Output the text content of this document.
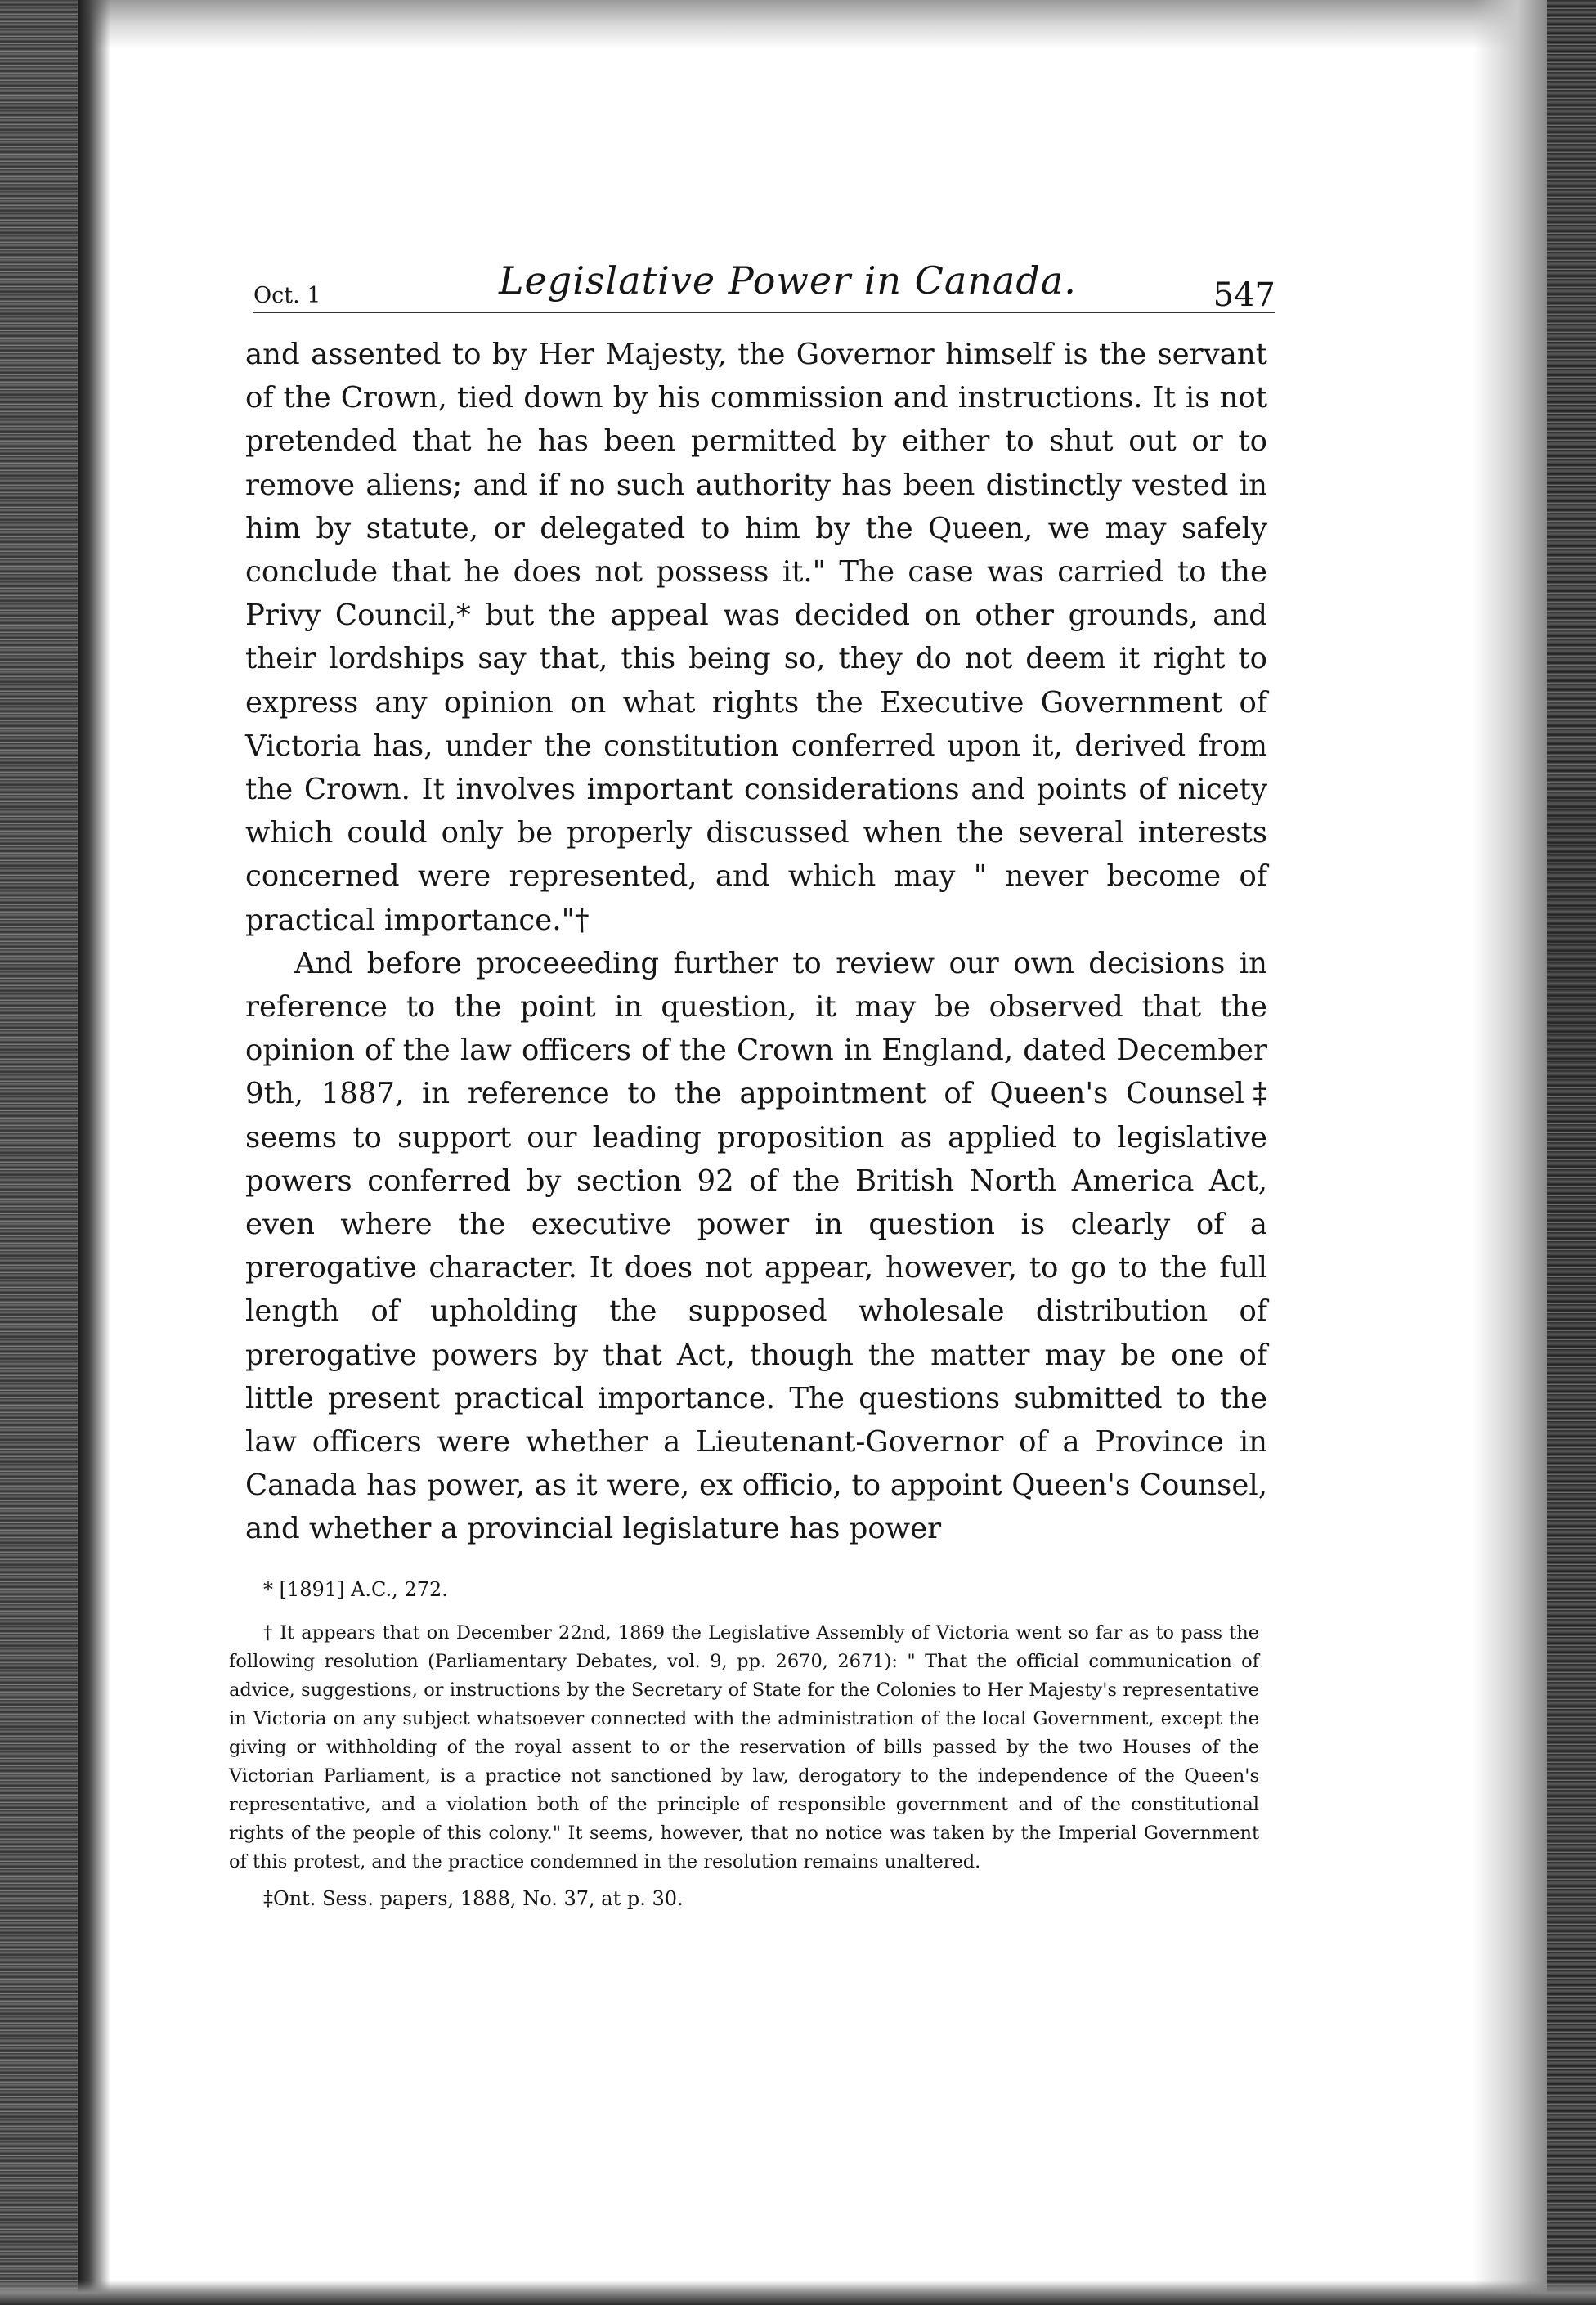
Oct. 1	Legislative Power in Canada.	547

and assented to by Her Majesty, the Governor himself is the servant of the Crown, tied down by his commission and instructions. It is not pretended that he has been permitted by either to shut out or to remove aliens; and if no such authority has been distinctly vested in him by statute, or delegated to him by the Queen, we may safely conclude that he does not possess it." The case was carried to the Privy Council,* but the appeal was decided on other grounds, and their lordships say that, this being so, they do not deem it right to express any opinion on what rights the Executive Government of Victoria has, under the constitution conferred upon it, derived from the Crown. It involves important considerations and points of nicety which could only be properly discussed when the several interests concerned were represented, and which may " never become of practical importance."†

And before proceeeding further to review our own decisions in reference to the point in question, it may be observed that the opinion of the law officers of the Crown in England, dated December 9th, 1887, in reference to the appointment of Queen's Counsel‡ seems to support our leading proposition as applied to legislative powers conferred by section 92 of the British North America Act, even where the executive power in question is clearly of a prerogative character. It does not appear, however, to go to the full length of upholding the supposed wholesale distribution of prerogative powers by that Act, though the matter may be one of little present practical importance. The questions submitted to the law officers were whether a Lieutenant-Governor of a Province in Canada has power, as it were, ex officio, to appoint Queen's Counsel, and whether a provincial legislature has power

* [1891] A.C., 272.

† It appears that on December 22nd, 1869 the Legislative Assembly of Victoria went so far as to pass the following resolution (Parliamentary Debates, vol. 9, pp. 2670, 2671): " That the official communication of advice, suggestions, or instructions by the Secretary of State for the Colonies to Her Majesty's representative in Victoria on any subject whatsoever connected with the administration of the local Government, except the giving or withholding of the royal assent to or the reservation of bills passed by the two Houses of the Victorian Parliament, is a practice not sanctioned by law, derogatory to the independence of the Queen's representative, and a violation both of the principle of responsible government and of the constitutional rights of the people of this colony." It seems, however, that no notice was taken by the Imperial Government of this protest, and the practice condemned in the resolution remains unaltered.

‡Ont. Sess. papers, 1888, No. 37, at p. 30.
